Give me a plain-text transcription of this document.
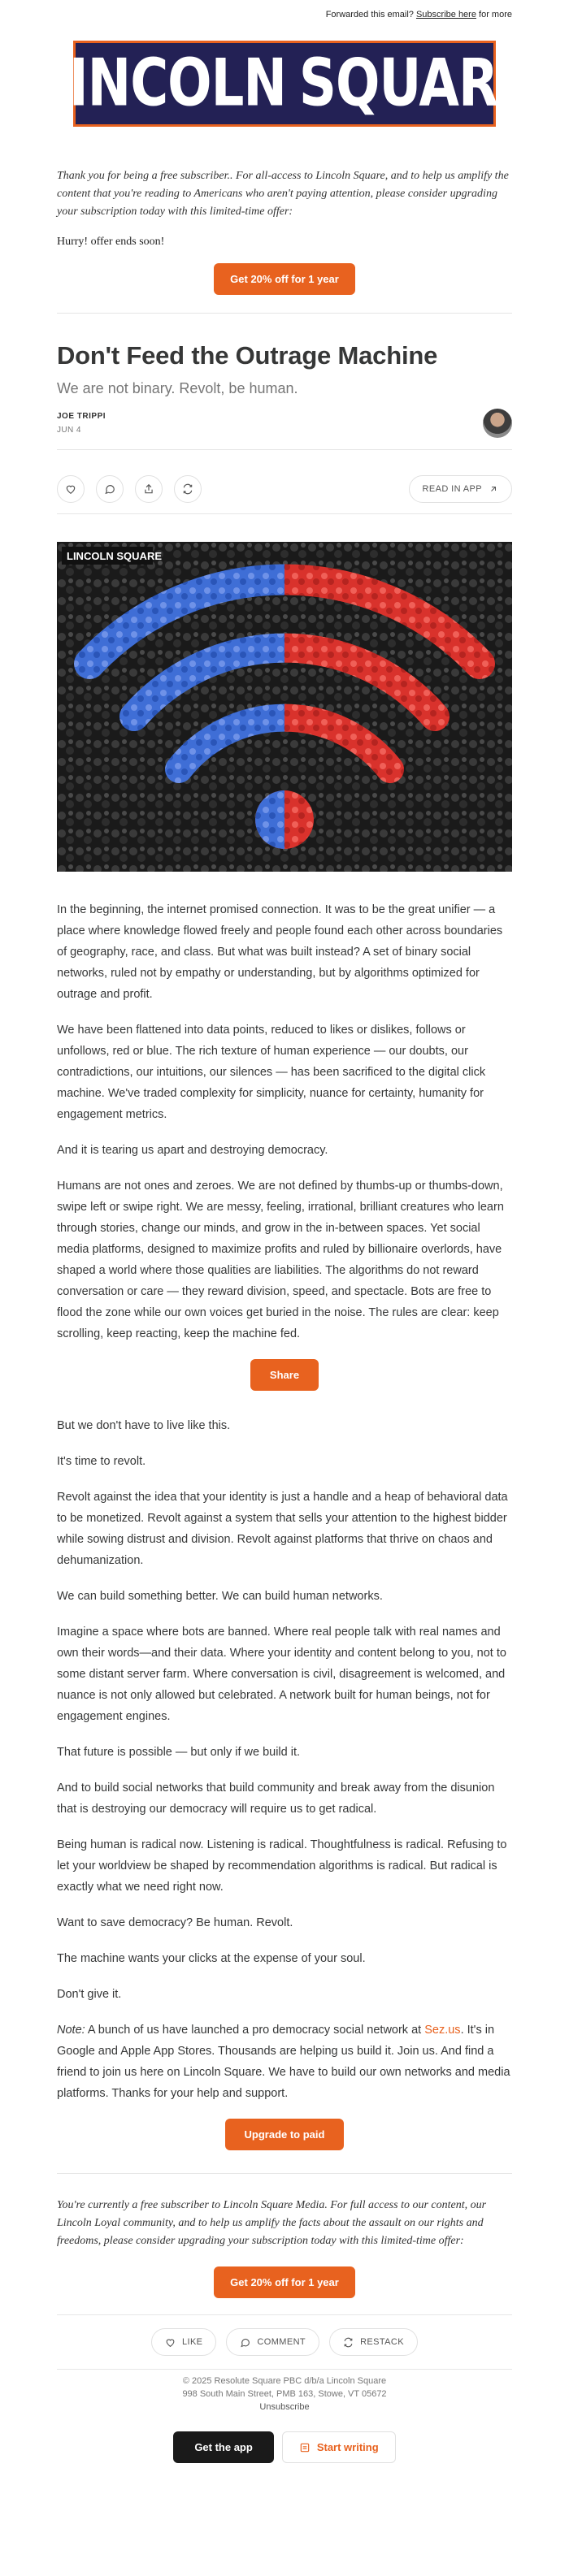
Forwarded this email? Subscribe here for more
LINCOLN SQUARE
Thank you for being a free subscriber.. For all-access to Lincoln Square, and to help us amplify the content that you're reading to Americans who aren't paying attention, please consider upgrading your subscription today with this limited-time offer:
Hurry! offer ends soon!
Get 20% off for 1 year
Don't Feed the Outrage Machine
We are not binary. Revolt, be human.
JOE TRIPPI
JUN 4
READ IN APP
LINCOLN SQUARE

In the beginning, the internet promised connection. It was to be the great unifier — a place where knowledge flowed freely and people found each other across boundaries of geography, race, and class. But what was built instead? A set of binary social networks, ruled not by empathy or understanding, but by algorithms optimized for outrage and profit.

We have been flattened into data points, reduced to likes or dislikes, follows or unfollows, red or blue. The rich texture of human experience — our doubts, our contradictions, our intuitions, our silences — has been sacrificed to the digital click machine. We've traded complexity for simplicity, nuance for certainty, humanity for engagement metrics.

And it is tearing us apart and destroying democracy.

Humans are not ones and zeroes. We are not defined by thumbs-up or thumbs-down, swipe left or swipe right. We are messy, feeling, irrational, brilliant creatures who learn through stories, change our minds, and grow in the in-between spaces. Yet social media platforms, designed to maximize profits and ruled by billionaire overlords, have shaped a world where those qualities are liabilities. The algorithms do not reward conversation or care — they reward division, speed, and spectacle. Bots are free to flood the zone while our own voices get buried in the noise. The rules are clear: keep scrolling, keep reacting, keep the machine fed.

Share

But we don't have to live like this.

It's time to revolt.

Revolt against the idea that your identity is just a handle and a heap of behavioral data to be monetized. Revolt against a system that sells your attention to the highest bidder while sowing distrust and division. Revolt against platforms that thrive on chaos and dehumanization.

We can build something better. We can build human networks.

Imagine a space where bots are banned. Where real people talk with real names and own their words—and their data. Where your identity and content belong to you, not to some distant server farm. Where conversation is civil, disagreement is welcomed, and nuance is not only allowed but celebrated. A network built for human beings, not for engagement engines.

That future is possible — but only if we build it.

And to build social networks that build community and break away from the disunion that is destroying our democracy will require us to get radical.

Being human is radical now. Listening is radical. Thoughtfulness is radical. Refusing to let your worldview be shaped by recommendation algorithms is radical. But radical is exactly what we need right now.

Want to save democracy? Be human. Revolt.

The machine wants your clicks at the expense of your soul.

Don't give it.

Note: A bunch of us have launched a pro democracy social network at Sez.us. It's in Google and Apple App Stores. Thousands are helping us build it. Join us. And find a friend to join us here on Lincoln Square. We have to build our own networks and media platforms. Thanks for your help and support.

Upgrade to paid
You're currently a free subscriber to Lincoln Square Media. For full access to our content, our Lincoln Loyal community, and to help us amplify the facts about the assault on our rights and freedoms, please consider upgrading your subscription today with this limited-time offer:
Get 20% off for 1 year
LIKE	COMMENT	RESTACK
© 2025 Resolute Square PBC d/b/a Lincoln Square
998 South Main Street, PMB 163, Stowe, VT 05672
Unsubscribe
Get the app	Start writing
